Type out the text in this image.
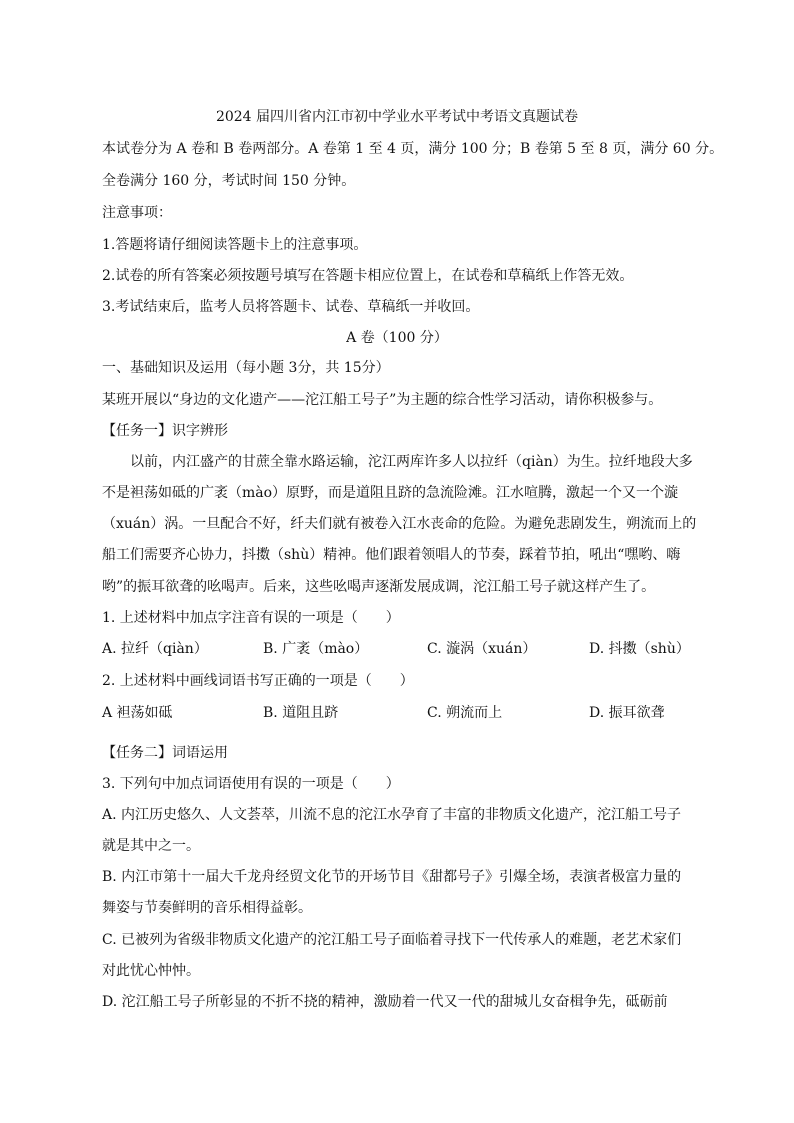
2024 届四川省内江市初中学业水平考试中考语文真题试卷
本试卷分为 A 卷和 B 卷两部分。A 卷第 1 至 4 页，满分 100 分；B 卷第 5 至 8 页，满分 60 分。
全卷满分 160 分，考试时间 150 分钟。
注意事项：
1.答题将请仔细阅读答题卡上的注意事项。
2.试卷的所有答案必须按题号填写在答题卡相应位置上，在试卷和草稿纸上作答无效。
3.考试结束后，监考人员将答题卡、试卷、草稿纸一并收回。
A 卷（100 分）
一、基础知识及运用（每小题 3分，共 15分）
某班开展以“身边的文化遗产——沱江船工号子”为主题的综合性学习活动，请你积极参与。
【任务一】识字辨形
以前，内江盛产的甘蔗全靠水路运输，沱江两库许多人以拉纤（qiàn）为生。拉纤地段大多
不是袒荡如砥的广袤（mào）原野，而是道阻且跻的急流险滩。江水喧腾，激起一个又一个漩
（xuán）涡。一旦配合不好，纤夫们就有被卷入江水丧命的危险。为避免悲剧发生，朔流而上的
船工们需要齐心协力，抖擞（shù）精神。他们跟着领唱人的节奏，踩着节拍，吼出“嘿哟、嗨
哟”的振耳欲聋的吆喝声。后来，这些吆喝声逐渐发展成调，沱江船工号子就这样产生了。
1. 上述材料中加点字注音有误的一项是（　　）
A. 拉纤（qiàn）	B. 广袤（mào）	C. 漩涡（xuán）	D. 抖擞（shù）
2. 上述材料中画线词语书写正确的一项是（　　）
A 袒荡如砥	B. 道阻且跻	C. 朔流而上	D. 振耳欲聋
【任务二】词语运用
3. 下列句中加点词语使用有误的一项是（　　）
A. 内江历史悠久、人文荟萃，川流不息的沱江水孕育了丰富的非物质文化遗产，沱江船工号子
就是其中之一。
B. 内江市第十一届大千龙舟经贸文化节的开场节目《甜都号子》引爆全场，表演者极富力量的
舞姿与节奏鲜明的音乐相得益彰。
C. 已被列为省级非物质文化遗产的沱江船工号子面临着寻找下一代传承人的难题，老艺术家们
对此忧心忡忡。
D. 沱江船工号子所彰显的不折不挠的精神，激励着一代又一代的甜城儿女奋楫争先，砥砺前
